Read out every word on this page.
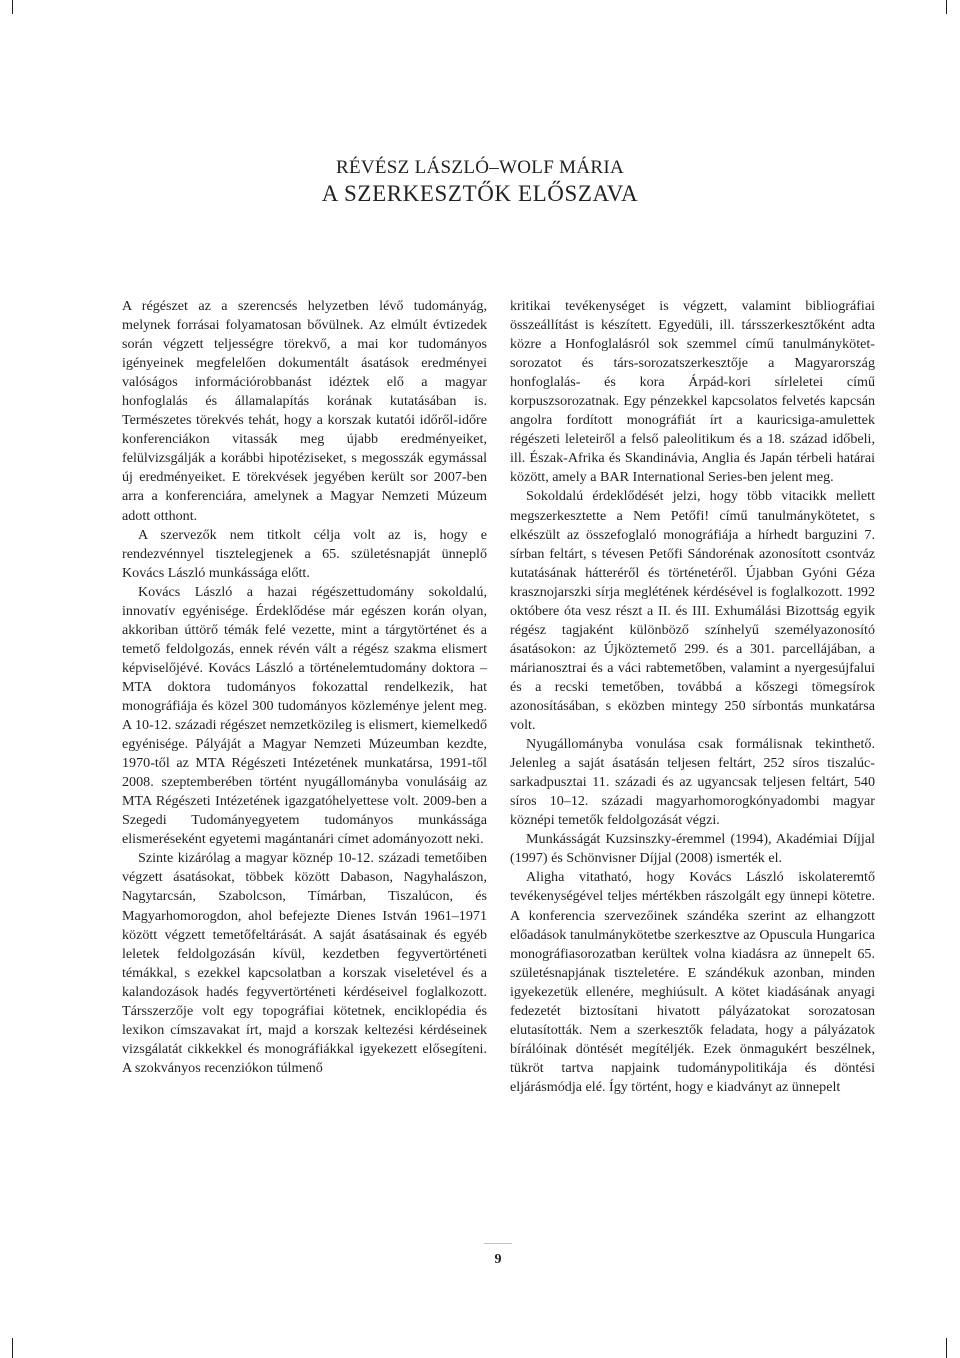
RÉVÉSZ LÁSZLÓ–WOLF MÁRIA
A SZERKESZTŐK ELŐSZAVA

A régészet az a szerencsés helyzetben lévő tudományág, melynek forrásai folyamatosan bővülnek. Az elmúlt évtizedek során végzett teljességre törekvő, a mai kor tudományos igényeinek megfelelően dokumentált ásatások eredményei valóságos információrobbanást idéztek elő a magyar honfoglalás és államalapítás korának kutatásában is. Természetes törekvés tehát, hogy a korszak kutatói időről-időre konferenciákon vitassák meg újabb eredményeiket, felülvizsgálják a korábbi hipotéziseket, s megosszák egymással új eredményeiket. E törekvések jegyében került sor 2007-ben arra a konferenciára, amelynek a Magyar Nemzeti Múzeum adott otthont.

A szervezők nem titkolt célja volt az is, hogy e rendezvénnyel tisztelegjenek a 65. születésnapját ünneplő Kovács László munkássága előtt.

Kovács László a hazai régészettudomány sokoldalú, innovatív egyénisége. Érdeklődése már egészen korán olyan, akkoriban úttörő témák felé vezette, mint a tárgytörténet és a temető feldolgozás, ennek révén vált a régész szakma elismert képviselőjévé. Kovács László a történelemtudomány doktora – MTA doktora tudományos fokozattal rendelkezik, hat monográfiája és közel 300 tudományos közleménye jelent meg. A 10-12. századi régészet nemzetközileg is elismert, kiemelkedő egyénisége. Pályáját a Magyar Nemzeti Múzeumban kezdte, 1970-től az MTA Régészeti Intézetének munkatársa, 1991-től 2008. szeptemberében történt nyugállományba vonulásáig az MTA Régészeti Intézetének igazgatóhelyettese volt. 2009-ben a Szegedi Tudományegyetem tudományos munkássága elismeréseként egyetemi magántanári címet adományozott neki.

Szinte kizárólag a magyar köznép 10-12. századi temetőiben végzett ásatásokat, többek között Dabason, Nagyhalászon, Nagytarcsán, Szabolcson, Tímárban, Tiszalúcon, és Magyarhomorogdon, ahol befejezte Dienes István 1961–1971 között végzett temetőfeltárását. A saját ásatásainak és egyéb leletek feldolgozásán kívül, kezdetben fegyvertörténeti témákkal, s ezekkel kapcsolatban a korszak viseletével és a kalandozások hadés fegyvertörténeti kérdéseivel foglalkozott. Társszerzője volt egy topográfiai kötetnek, enciklopédia és lexikon címszavakat írt, majd a korszak keltezési kérdéseinek vizsgálatát cikkekkel és monográfiákkal igyekezett elősegíteni. A szokványos recenziókon túlmenő

kritikai tevékenységet is végzett, valamint bibliográfiai összeállítást is készített. Egyedüli, ill. társszerkesztőként adta közre a Honfoglalásról sok szemmel című tanulmánykötet-sorozatot és társ-sorozatszerkesztője a Magyarország honfoglalás- és kora Árpád-kori sírleletei című korpuszsorozatnak. Egy pénzekkel kapcsolatos felvetés kapcsán angolra fordított monográfiát írt a kauricsiga-amulettek régészeti leleteiről a felső paleolitikum és a 18. század időbeli, ill. Észak-Afrika és Skandinávia, Anglia és Japán térbeli határai között, amely a BAR International Series-ben jelent meg.

Sokoldalú érdeklődését jelzi, hogy több vitacikk mellett megszerkesztette a Nem Petőfi! című tanulmánykötetet, s elkészült az összefoglaló monográfiája a hírhedt barguzini 7. sírban feltárt, s tévesen Petőfi Sándorénak azonosított csontváz kutatásának hátteréről és történetéről. Újabban Gyóni Géza krasznojarszki sírja meglétének kérdésével is foglalkozott. 1992 októbere óta vesz részt a II. és III. Exhumálási Bizottság egyik régész tagjaként különböző színhelyű személyazonosító ásatásokon: az Újköztemető 299. és a 301. parcellájában, a márianosztrai és a váci rabtemetőben, valamint a nyergesújfalui és a recski temetőben, továbbá a kőszegi tömegsírok azonosításában, s eközben mintegy 250 sírbontás munkatársa volt.

Nyugállományba vonulása csak formálisnak tekinthető. Jelenleg a saját ásatásán teljesen feltárt, 252 síros tiszalúc-sarkadpusztai 11. századi és az ugyancsak teljesen feltárt, 540 síros 10–12. századi magyarhomorogkónyadombi magyar köznépi temetők feldolgozását végzi.

Munkásságát Kuzsinszky-éremmel (1994), Akadémiai Díjjal (1997) és Schönvisner Díjjal (2008) ismerték el.

Aligha vitatható, hogy Kovács László iskolateremtő tevékenységével teljes mértékben rászolgált egy ünnepi kötetre. A konferencia szervezőinek szándéka szerint az elhangzott előadások tanulmánykötetbe szerkesztve az Opuscula Hungarica monográfiasorozatban kerültek volna kiadásra az ünnepelt 65. születésnapjának tiszteletére. E szándékuk azonban, minden igyekezetük ellenére, meghiúsult. A kötet kiadásának anyagi fedezetét biztosítani hivatott pályázatokat sorozatosan elutasították. Nem a szerkesztők feladata, hogy a pályázatok bírálóinak döntését megítéljék. Ezek önmagukért beszélnek, tükröt tartva napjaink tudománypolitikája és döntési eljárásmódja elé. Így történt, hogy e kiadványt az ünnepelt

9
